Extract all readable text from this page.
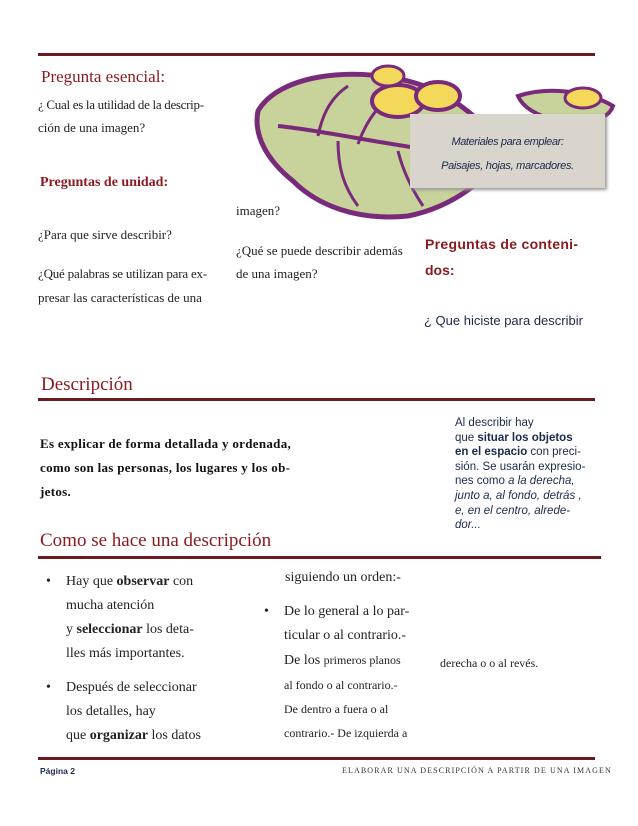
Materiales para emplear:
Paisajes, hojas, marcadores.
Pregunta esencial:
¿ Cual es la utilidad de la descrip-
ción de una imagen?
Preguntas de unidad:
¿Para que sirve describir?
¿Qué palabras se utilizan para ex-
presar las características de una
imagen?
¿Qué se puede describir además
de una imagen?
Preguntas de conteni-
dos:
¿ Que hiciste para describir
Descripción
Es explicar de forma detallada y ordenada,
como son las personas, los lugares y los ob-
jetos.
Al describir hay
que situar los objetos
en el espacio con preci-
sión. Se usarán expresio-
nes como a la derecha,
junto a, al fondo, detrás ,
e, en el centro, alrede-
dor...
Como se hace una descripción
• Hay que observar con
mucha atención
y seleccionar los deta-
lles más importantes.
• Después de seleccionar
los detalles, hay
que organizar los datos
siguiendo un orden:-
• De lo general a lo par-
ticular o al contrario.-
De los primeros planos
al fondo o al contrario.-
De dentro a fuera o al
contrario.- De izquierda a
derecha o o al revés.
Página 2	ELABORAR UNA DESCRIPCIÓN A PARTIR DE UNA IMAGEN
